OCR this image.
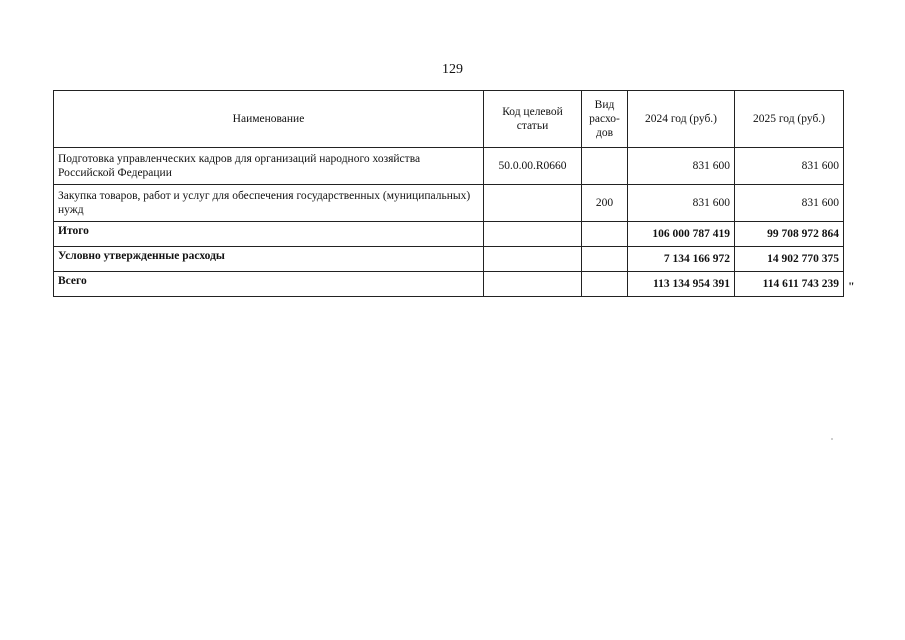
129
Наименование	Код целевой статьи	Вид расхо-дов	2024 год (руб.)	2025 год (руб.)
Подготовка управленческих кадров для организаций народного хозяйства Российской Федерации	50.0.00.R0660		831 600	831 600
Закупка товаров, работ и услуг для обеспечения государственных (муниципальных) нужд		200	831 600	831 600
Итого			106 000 787 419	99 708 972 864
Условно утвержденные расходы			7 134 166 972	14 902 770 375
Всего			113 134 954 391	114 611 743 239 "
